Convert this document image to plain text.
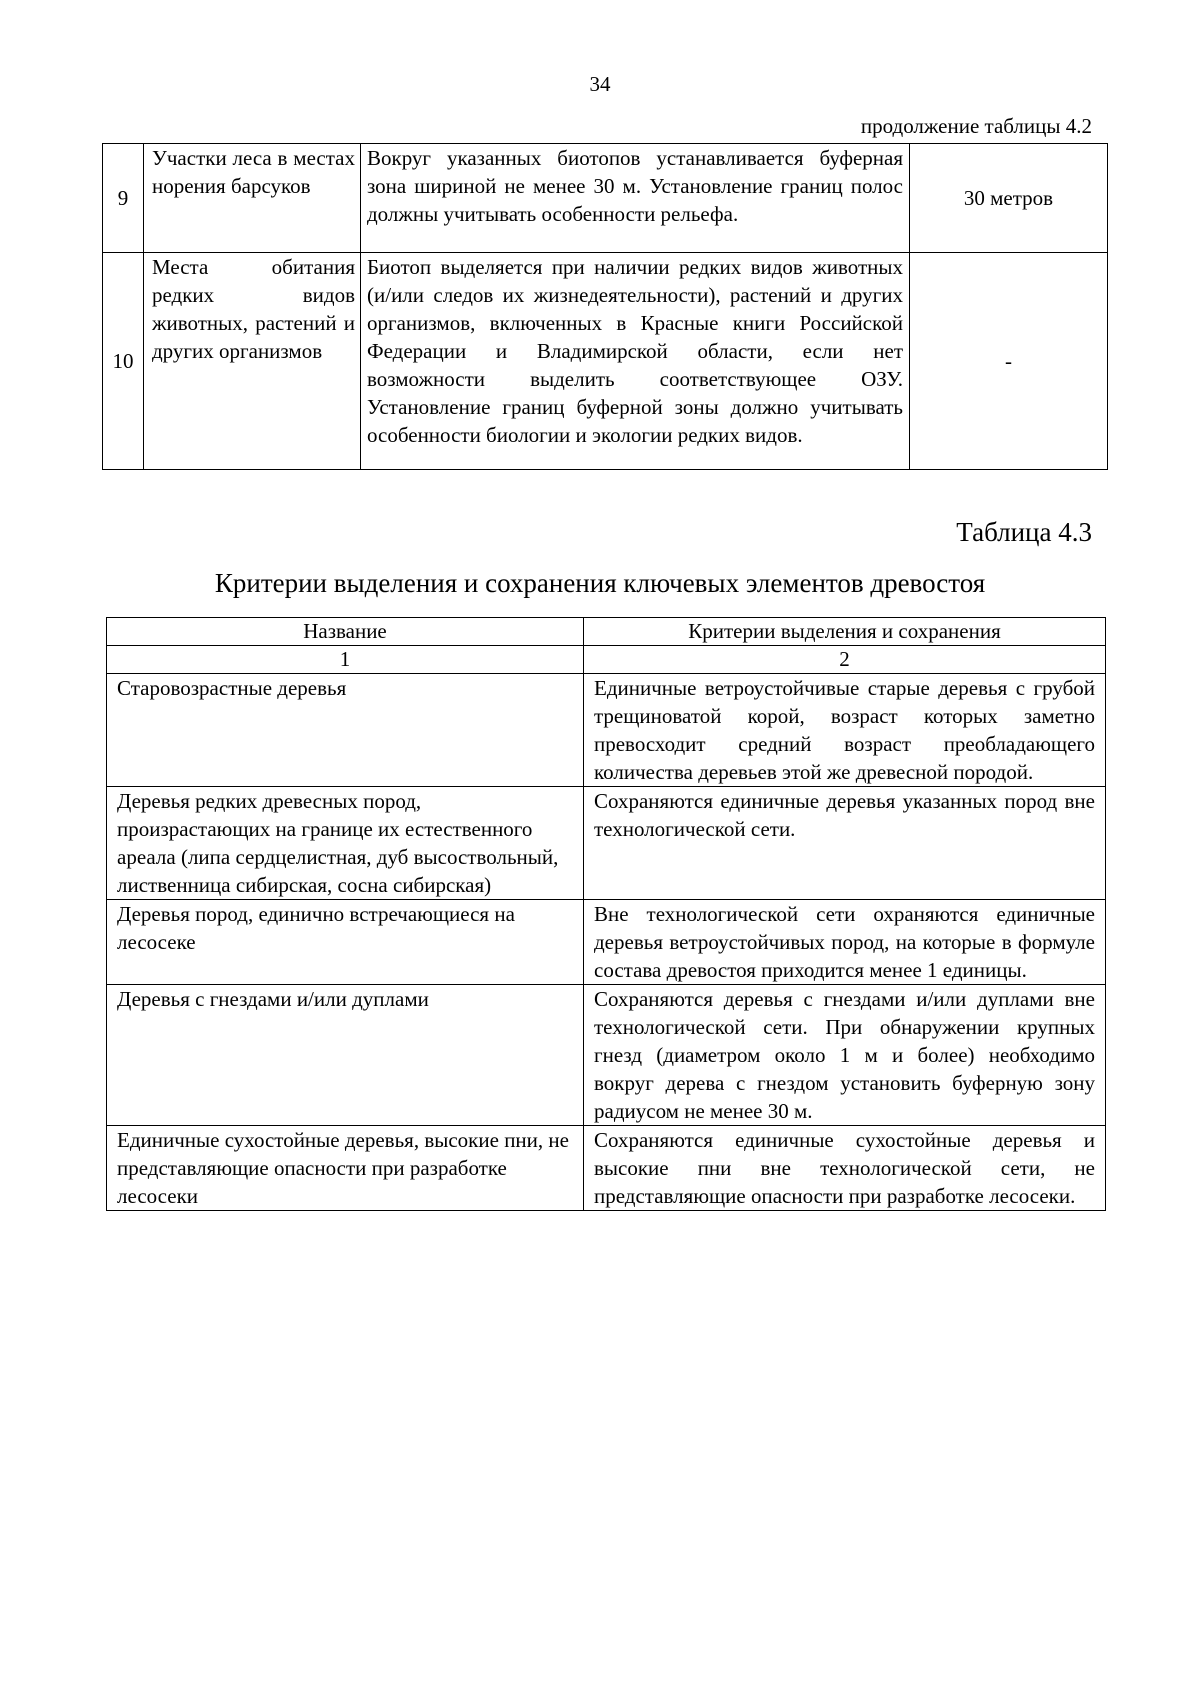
34
продолжение таблицы 4.2
9	Участки леса в местах норения барсуков	Вокруг указанных биотопов устанавливается буферная зона шириной не менее 30 м. Установление границ полос должны учитывать особенности рельефа.	30 метров
10	Места обитания редких видов животных, растений и других организмов	Биотоп выделяется при наличии редких видов животных (и/или следов их жизнедеятельности), растений и других организмов, включенных в Красные книги Российской Федерации и Владимирской области, если нет возможности выделить соответствующее ОЗУ. Установление границ буферной зоны должно учитывать особенности биологии и экологии редких видов.	-
Таблица 4.3
Критерии выделения и сохранения ключевых элементов древостоя
Название	Критерии выделения и сохранения
1	2
Старовозрастные деревья	Единичные ветроустойчивые старые деревья с грубой трещиноватой корой, возраст которых заметно превосходит средний возраст преобладающего количества деревьев этой же древесной породой.
Деревья редких древесных пород, произрастающих на границе их естественного ареала (липа сердцелистная, дуб высоствольный, лиственница сибирская, сосна сибирская)	Сохраняются единичные деревья указанных пород вне технологической сети.
Деревья пород, единично встречающиеся на лесосеке	Вне технологической сети охраняются единичные деревья ветроустойчивых пород, на которые в формуле состава древостоя приходится менее 1 единицы.
Деревья с гнездами и/или дуплами	Сохраняются деревья с гнездами и/или дуплами вне технологической сети. При обнаружении крупных гнезд (диаметром около 1 м и более) необходимо вокруг дерева с гнездом установить буферную зону радиусом не менее 30 м.
Единичные сухостойные деревья, высокие пни, не представляющие опасности при разработке лесосеки	Сохраняются единичные сухостойные деревья и высокие пни вне технологической сети, не представляющие опасности при разработке лесосеки.
